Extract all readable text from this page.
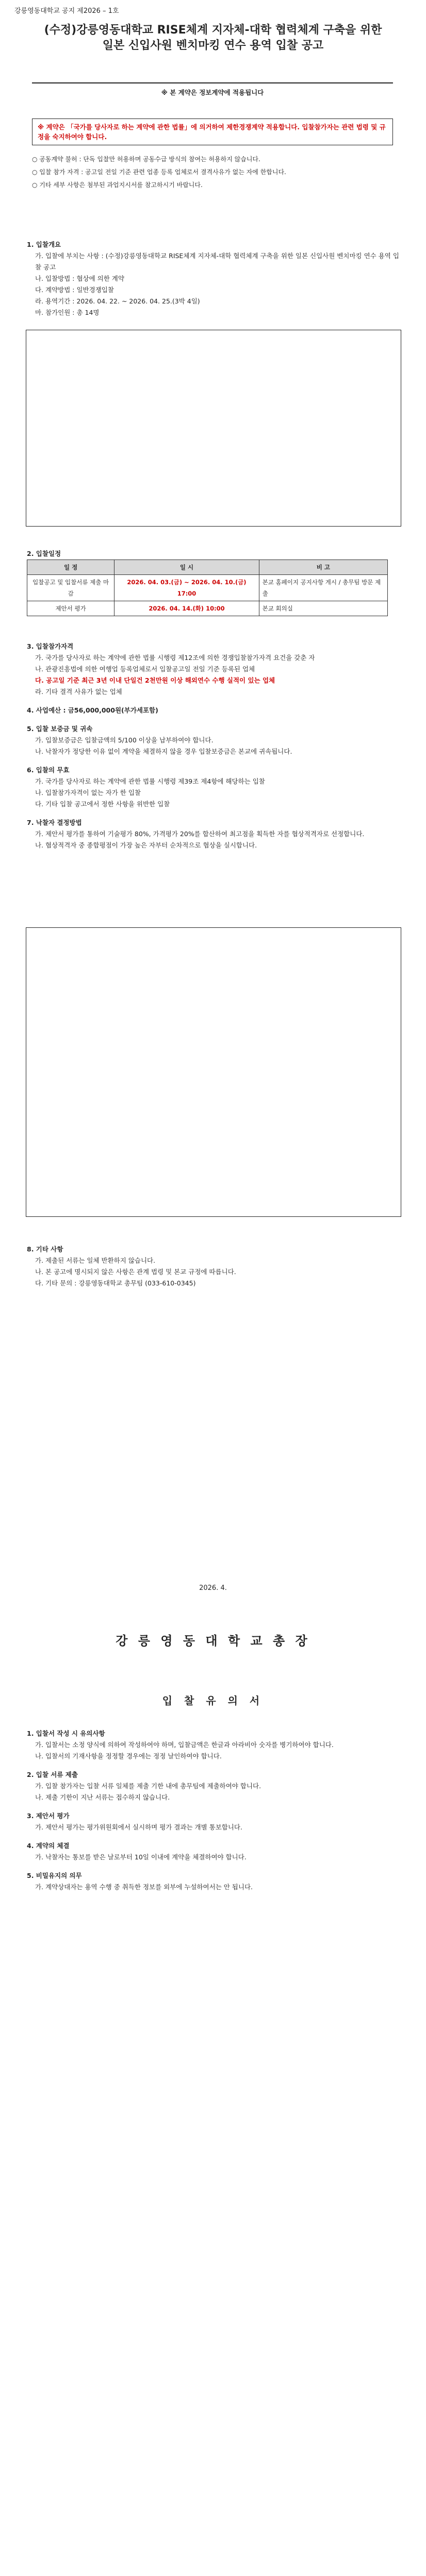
강릉영동대학교 공지 제2026 – 1호
(수정)강릉영동대학교 RISE체계 지자체-대학 협력체계 구축을 위한
일본 신입사원 벤치마킹 연수 용역 입찰 공고
※ 본 계약은 정보계약에 적용됩니다
※ 계약은 「국가를 당사자로 하는 계약에 관한 법률」에 의거하여 제한경쟁계약 적용합니다. 입찰참가자는 관련 법령 및 규정을 숙지하여야 합니다.

○ 공동계약 불허 : 단독 입찰만 허용하며 공동수급 방식의 참여는 허용하지 않습니다.

○ 입찰 참가 자격 : 공고일 전일 기준 관련 업종 등록 업체로서 결격사유가 없는 자에 한합니다.

○ 기타 세부 사항은 첨부된 과업지시서를 참고하시기 바랍니다.

1. 입찰개요

가. 입찰에 부치는 사항 : (수정)강릉영동대학교 RISE체계 지자체-대학 협력체계 구축을 위한 일본 신입사원 벤치마킹 연수 용역 입찰 공고

나. 입찰방법 : 협상에 의한 계약

다. 계약방법 : 일반경쟁입찰

라. 용역기간 : 2026. 04. 22. ~ 2026. 04. 25.(3박 4일)

마. 참가인원 : 총 14명

2. 입찰일정

일 정	일 시	비 고
입찰공고 및 입찰서류 제출 마감	2026. 04. 03.(금) ~ 2026. 04. 10.(금) 17:00	본교 홈페이지 공지사항 게시 / 총무팀 방문 제출
제안서 평가	2026. 04. 14.(화) 10:00	본교 회의실

3. 입찰참가자격

가. 국가를 당사자로 하는 계약에 관한 법률 시행령 제12조에 의한 경쟁입찰참가자격 요건을 갖춘 자

나. 관광진흥법에 의한 여행업 등록업체로서 입찰공고일 전일 기준 등록된 업체

다. 공고일 기준 최근 3년 이내 단일건 2천만원 이상 해외연수 수행 실적이 있는 업체

라. 기타 결격 사유가 없는 업체

4. 사업예산 : 금56,000,000원(부가세포함)

5. 입찰 보증금 및 귀속

가. 입찰보증금은 입찰금액의 5/100 이상을 납부하여야 합니다.

나. 낙찰자가 정당한 이유 없이 계약을 체결하지 않을 경우 입찰보증금은 본교에 귀속됩니다.

6. 입찰의 무효

가. 국가를 당사자로 하는 계약에 관한 법률 시행령 제39조 제4항에 해당하는 입찰

나. 입찰참가자격이 없는 자가 한 입찰

다. 기타 입찰 공고에서 정한 사항을 위반한 입찰

7. 낙찰자 결정방법

가. 제안서 평가를 통하여 기술평가 80%, 가격평가 20%를 합산하여 최고점을 획득한 자를 협상적격자로 선정합니다.

나. 협상적격자 중 종합평점이 가장 높은 자부터 순차적으로 협상을 실시합니다.

8. 기타 사항

가. 제출된 서류는 일체 반환하지 않습니다.

나. 본 공고에 명시되지 않은 사항은 관계 법령 및 본교 규정에 따릅니다.

다. 기타 문의 : 강릉영동대학교 총무팀 (033-610-0345)

2026. 4.
강 릉 영 동 대 학 교 총 장
입 찰 유 의 서

1. 입찰서 작성 시 유의사항

가. 입찰서는 소정 양식에 의하여 작성하여야 하며, 입찰금액은 한글과 아라비아 숫자를 병기하여야 합니다.

나. 입찰서의 기재사항을 정정할 경우에는 정정 날인하여야 합니다.

2. 입찰 서류 제출

가. 입찰 참가자는 입찰 서류 일체를 제출 기한 내에 총무팀에 제출하여야 합니다.

나. 제출 기한이 지난 서류는 접수하지 않습니다.

3. 제안서 평가

가. 제안서 평가는 평가위원회에서 실시하며 평가 결과는 개별 통보합니다.

4. 계약의 체결

가. 낙찰자는 통보를 받은 날로부터 10일 이내에 계약을 체결하여야 합니다.

5. 비밀유지의 의무

가. 계약상대자는 용역 수행 중 취득한 정보를 외부에 누설하여서는 안 됩니다.
